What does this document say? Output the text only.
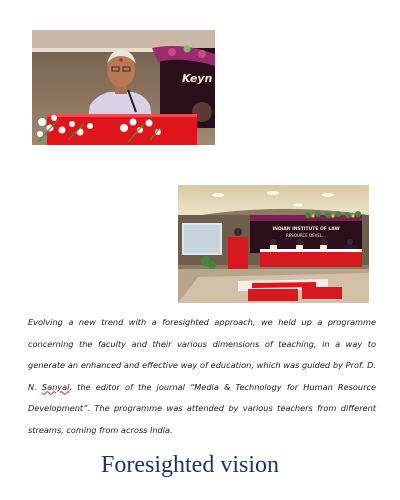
Keyn
INDIAN INSTITUTE OF LAW
RESOURCE DEVEL...

Evolving a new trend with a foresighted approach, we held up a programme concerning the faculty and their various dimensions of teaching, in a way to generate an enhanced and effective way of education, which was guided by Prof. D. N. Sanyal, the editor of the journal “Media & Technology for Human Resource Development”. The programme was attended by various teachers from different streams, coming from across India.

Foresighted vision
